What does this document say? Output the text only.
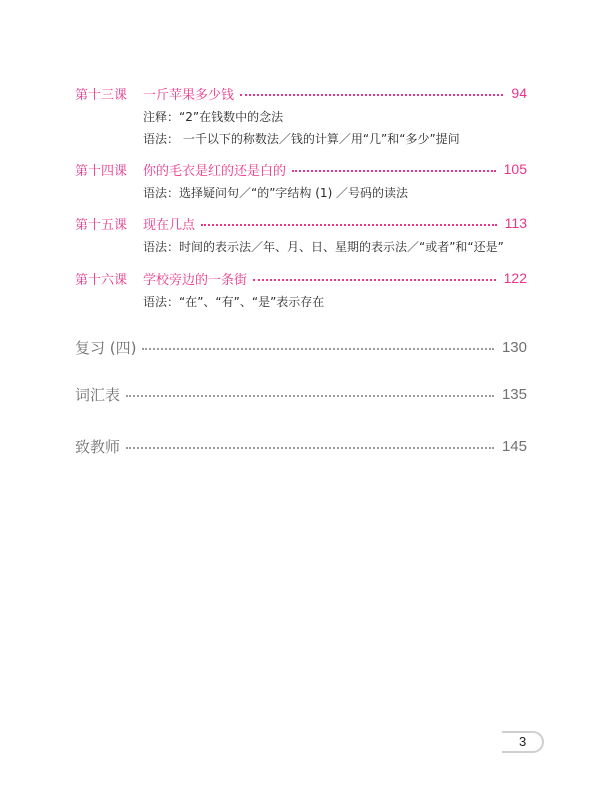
第十三课	一斤苹果多少钱	94
注释：“2”在钱数中的念法
语法： 一千以下的称数法／钱的计算／用“几”和“多少”提问
第十四课	你的毛衣是红的还是白的	105
语法：选择疑问句／“的”字结构 (1) ／号码的读法
第十五课	现在几点	113
语法：时间的表示法／年、月、日、星期的表示法／“或者”和“还是”
第十六课	学校旁边的一条街	122
语法：“在”、“有”、“是”表示存在
复习 (四)	130
词汇表	135
致教师	145
3
